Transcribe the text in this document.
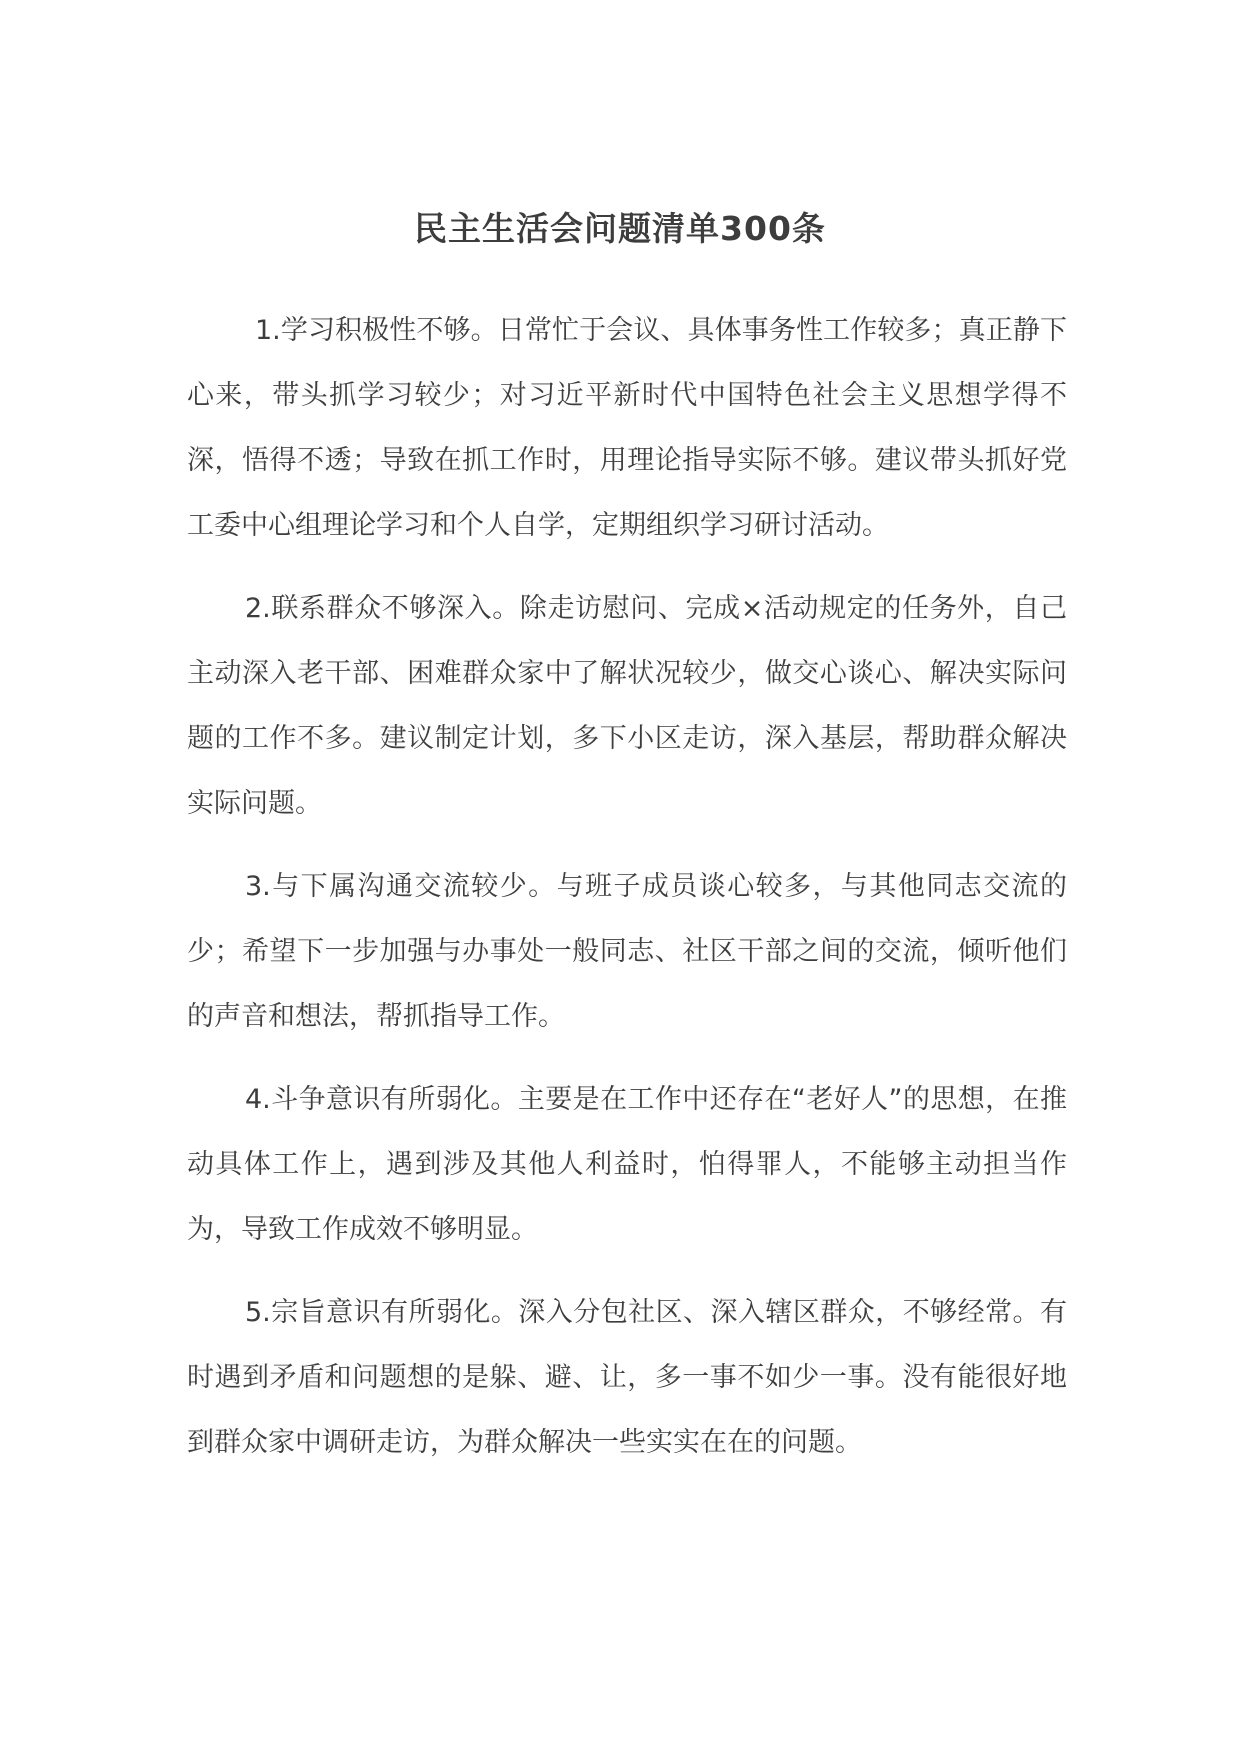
民主生活会问题清单300条

1.学习积极性不够。日常忙于会议、具体事务性工作较多；真正静下心来，带头抓学习较少；对习近平新时代中国特色社会主义思想学得不深，悟得不透；导致在抓工作时，用理论指导实际不够。建议带头抓好党工委中心组理论学习和个人自学，定期组织学习研讨活动。

2.联系群众不够深入。除走访慰问、完成×活动规定的任务外，自己主动深入老干部、困难群众家中了解状况较少，做交心谈心、解决实际问题的工作不多。建议制定计划，多下小区走访，深入基层，帮助群众解决实际问题。

3.与下属沟通交流较少。与班子成员谈心较多，与其他同志交流的少；希望下一步加强与办事处一般同志、社区干部之间的交流，倾听他们的声音和想法，帮抓指导工作。

4.斗争意识有所弱化。主要是在工作中还存在“老好人”的思想，在推动具体工作上，遇到涉及其他人利益时，怕得罪人，不能够主动担当作为，导致工作成效不够明显。

5.宗旨意识有所弱化。深入分包社区、深入辖区群众，不够经常。有时遇到矛盾和问题想的是躲、避、让，多一事不如少一事。没有能很好地到群众家中调研走访，为群众解决一些实实在在的问题。
